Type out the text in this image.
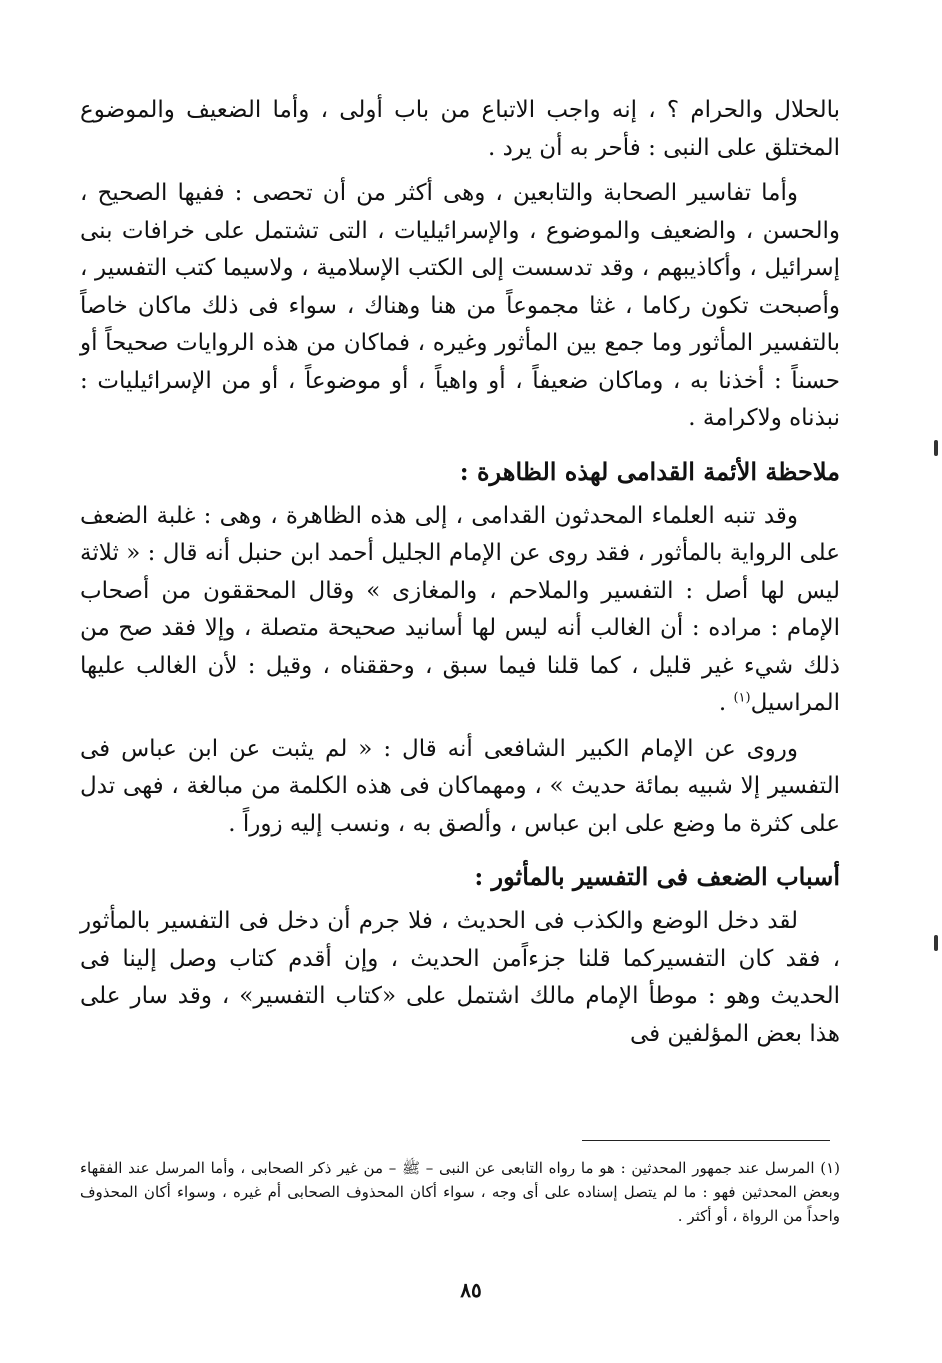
بالحلال والحرام ؟ ، إنه واجب الاتباع من باب أولى ، وأما الضعيف والموضوع المختلق على النبى : فأحر به أن يرد .

وأما تفاسير الصحابة والتابعين ، وهى أكثر من أن تحصى : ففيها الصحيح ، والحسن ، والضعيف والموضوع ، والإسرائيليات ، التى تشتمل على خرافات بنى إسرائيل ، وأكاذيبهم ، وقد تدسست إلى الكتب الإسلامية ، ولاسيما كتب التفسير ، وأصبحت تكون ركاما ، غثا مجموعاً من هنا وهناك ، سواء فى ذلك ماكان خاصاً بالتفسير المأثور وما جمع بين المأثور وغيره ، فماكان من هذه الروايات صحيحاً أو حسناً : أخذنا به ، وماكان ضعيفاً ، أو واهياً ، أو موضوعاً ، أو من الإسرائيليات : نبذناه ولاكرامة .

ملاحظة الأئمة القدامى لهذه الظاهرة :

وقد تنبه العلماء المحدثون القدامى ، إلى هذه الظاهرة ، وهى : غلبة الضعف على الرواية بالمأثور ، فقد روى عن الإمام الجليل أحمد ابن حنبل أنه قال : « ثلاثة ليس لها أصل : التفسير والملاحم ، والمغازى » وقال المحققون من أصحاب الإمام : مراده : أن الغالب أنه ليس لها أسانيد صحيحة متصلة ، وإلا فقد صح من ذلك شيء غير قليل ، كما قلنا فيما سبق ، وحققناه ، وقيل : لأن الغالب عليها المراسيل$^{(١)}$ .

وروى عن الإمام الكبير الشافعى أنه قال : « لم يثبت عن ابن عباس فى التفسير إلا شبيه بمائة حديث » ، ومهماكان فى هذه الكلمة من مبالغة ، فهى تدل على كثرة ما وضع على ابن عباس ، وألصق به ، ونسب إليه زوراً .

أسباب الضعف فى التفسير بالمأثور :

لقد دخل الوضع والكذب فى الحديث ، فلا جرم أن دخل فى التفسير بالمأثور ، فقد كان التفسيركما قلنا جزءاًمن الحديث ، وإن أقدم كتاب وصل إلينا فى الحديث وهو : موطأ الإمام مالك اشتمل على «كتاب التفسير» ، وقد سار على هذا بعض المؤلفين فى

(١) المرسل عند جمهور المحدثين : هو ما رواه التابعى عن النبى – ﷺ – من غير ذكر الصحابى ، وأما المرسل عند الفقهاء وبعض المحدثين فهو : ما لم يتصل إسناده على أى وجه ، سواء أكان المحذوف الصحابى أم غيره ، وسواء أكان المحذوف واحداً من الرواة ، أو أكثر .

٨٥
